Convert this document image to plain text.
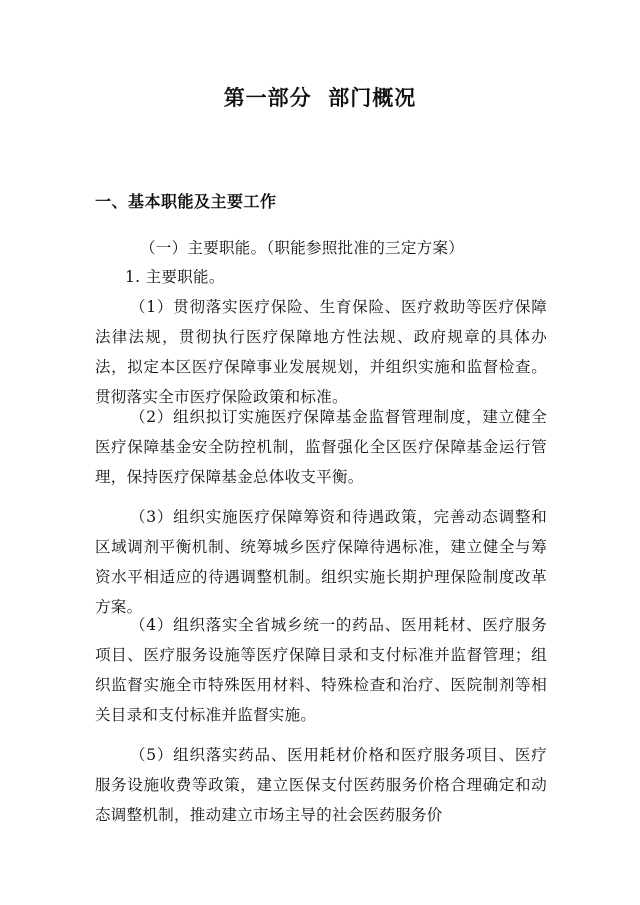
第一部分  部门概况
一、基本职能及主要工作
（一）主要职能。（职能参照批准的三定方案）
1. 主要职能。

（1）贯彻落实医疗保险、生育保险、医疗救助等医疗保障法律法规，贯彻执行医疗保障地方性法规、政府规章的具体办法，拟定本区医疗保障事业发展规划，并组织实施和监督检查。贯彻落实全市医疗保险政策和标准。

（2）组织拟订实施医疗保障基金监督管理制度，建立健全医疗保障基金安全防控机制，监督强化全区医疗保障基金运行管理，保持医疗保障基金总体收支平衡。

（3）组织实施医疗保障筹资和待遇政策，完善动态调整和区域调剂平衡机制、统筹城乡医疗保障待遇标准，建立健全与筹资水平相适应的待遇调整机制。组织实施长期护理保险制度改革方案。

（4）组织落实全省城乡统一的药品、医用耗材、医疗服务项目、医疗服务设施等医疗保障目录和支付标准并监督管理；组织监督实施全市特殊医用材料、特殊检查和治疗、医院制剂等相关目录和支付标准并监督实施。

（5）组织落实药品、医用耗材价格和医疗服务项目、医疗服务设施收费等政策，建立医保支付医药服务价格合理确定和动态调整机制，推动建立市场主导的社会医药服务价
